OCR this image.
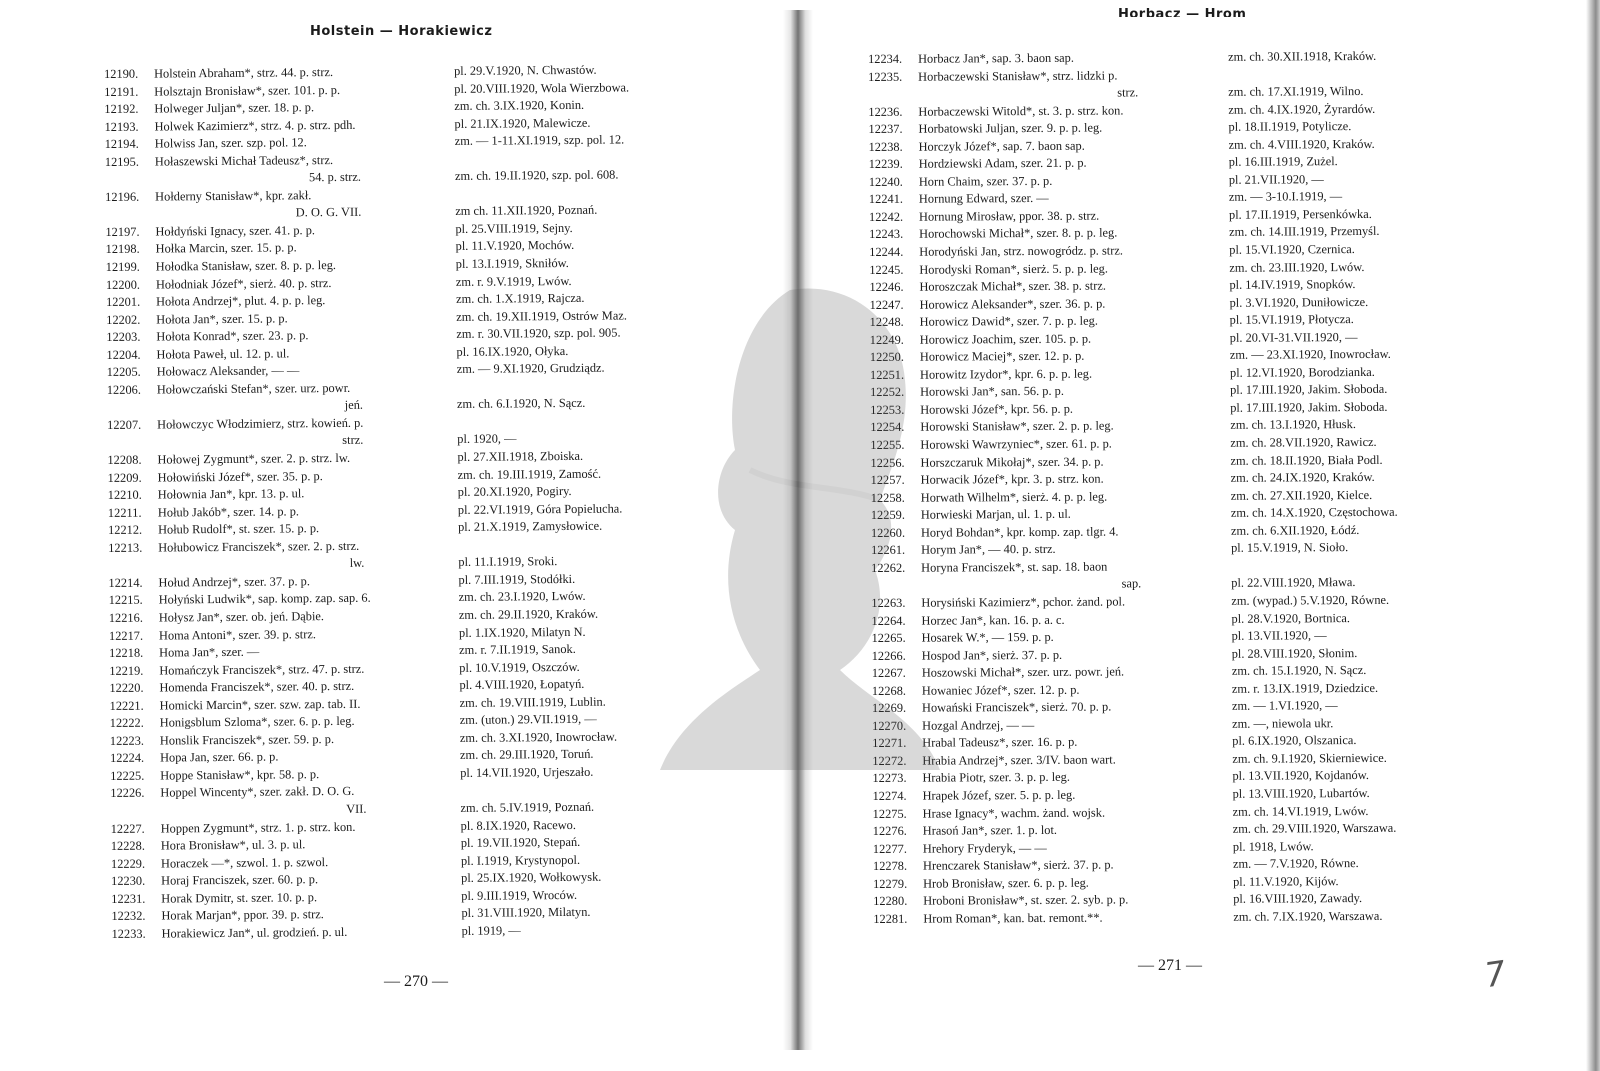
Holstein — Horakiewicz
12190. Holstein Abraham*, strz. 44. p. strz.	pl. 29.V.1920, N. Chwastów.
12191. Holsztajn Bronisław*, szer. 101. p. p.	pl. 20.VIII.1920, Wola Wierzbowa.
12192. Holweger Juljan*, szer. 18. p. p.	zm. ch. 3.IX.1920, Konin.
12193. Holwek Kazimierz*, strz. 4. p. strz. pdh.	pl. 21.IX.1920, Malewicze.
12194. Holwiss Jan, szer. szp. pol. 12.	zm. — 1-11.XI.1919, szp. pol. 12.
12195. Hołaszewski Michał Tadeusz*, strz.
54. p. strz.	zm. ch. 19.II.1920, szp. pol. 608.
12196. Hołderny Stanisław*, kpr. zakł.
D. O. G. VII.	zm ch. 11.XII.1920, Poznań.
12197. Hołdyński Ignacy, szer. 41. p. p.	pl. 25.VIII.1919, Sejny.
12198. Hołka Marcin, szer. 15. p. p.	pl. 11.V.1920, Mochów.
12199. Hołodka Stanisław, szer. 8. p. p. leg.	pl. 13.I.1919, Skniłów.
12200. Hołodniak Józef*, sierż. 40. p. strz.	zm. r. 9.V.1919, Lwów.
12201. Hołota Andrzej*, plut. 4. p. p. leg.	zm. ch. 1.X.1919, Rajcza.
12202. Hołota Jan*, szer. 15. p. p.	zm. ch. 19.XII.1919, Ostrów Maz.
12203. Hołota Konrad*, szer. 23. p. p.	zm. r. 30.VII.1920, szp. pol. 905.
12204. Hołota Paweł, ul. 12. p. ul.	pl. 16.IX.1920, Ołyka.
12205. Hołowacz Aleksander, — —	zm. — 9.XI.1920, Grudziądz.
12206. Hołowczański Stefan*, szer. urz. powr.
jeń.	zm. ch. 6.I.1920, N. Sącz.
12207. Hołowczyc Włodzimierz, strz. kowień. p.
strz.	pl. 1920, —
12208. Hołowej Zygmunt*, szer. 2. p. strz. lw.	pl. 27.XII.1918, Zboiska.
12209. Hołowiński Józef*, szer. 35. p. p.	zm. ch. 19.III.1919, Zamość.
12210. Hołownia Jan*, kpr. 13. p. ul.	pl. 20.XI.1920, Pogiry.
12211. Hołub Jakób*, szer. 14. p. p.	pl. 22.VI.1919, Góra Popielucha.
12212. Hołub Rudolf*, st. szer. 15. p. p.	pl. 21.X.1919, Zamysłowice.
12213. Hołubowicz Franciszek*, szer. 2. p. strz.
lw.	pl. 11.I.1919, Sroki.
12214. Hołud Andrzej*, szer. 37. p. p.	pl. 7.III.1919, Stodółki.
12215. Hołyński Ludwik*, sap. komp. zap. sap. 6.	zm. ch. 23.I.1920, Lwów.
12216. Hołysz Jan*, szer. ob. jeń. Dąbie.	zm. ch. 29.II.1920, Kraków.
12217. Homa Antoni*, szer. 39. p. strz.	pl. 1.IX.1920, Milatyn N.
12218. Homa Jan*, szer. —	zm. r. 7.II.1919, Sanok.
12219. Homańczyk Franciszek*, strz. 47. p. strz.	pl. 10.V.1919, Oszczów.
12220. Homenda Franciszek*, szer. 40. p. strz.	pl. 4.VIII.1920, Łopatyń.
12221. Homicki Marcin*, szer. szw. zap. tab. II.	zm. ch. 19.VIII.1919, Lublin.
12222. Honigsblum Szloma*, szer. 6. p. p. leg.	zm. (uton.) 29.VII.1919, —
12223. Honslik Franciszek*, szer. 59. p. p.	zm. ch. 3.XI.1920, Inowrocław.
12224. Hopa Jan, szer. 66. p. p.	zm. ch. 29.III.1920, Toruń.
12225. Hoppe Stanisław*, kpr. 58. p. p.	pl. 14.VII.1920, Urjeszało.
12226. Hoppel Wincenty*, szer. zakł. D. O. G.
VII.	zm. ch. 5.IV.1919, Poznań.
12227. Hoppen Zygmunt*, strz. 1. p. strz. kon.	pl. 8.IX.1920, Racewo.
12228. Hora Bronisław*, ul. 3. p. ul.	pl. 19.VII.1920, Stepań.
12229. Horaczek —*, szwol. 1. p. szwol.	pl. I.1919, Krystynopol.
12230. Horaj Franciszek, szer. 60. p. p.	pl. 25.IX.1920, Wołkowysk.
12231. Horak Dymitr, st. szer. 10. p. p.	pl. 9.III.1919, Wroców.
12232. Horak Marjan*, ppor. 39. p. strz.	pl. 31.VIII.1920, Milatyn.
12233. Horakiewicz Jan*, ul. grodzień. p. ul.	pl. 1919, —
— 270 —
Horbacz — Hrom
12234. Horbacz Jan*, sap. 3. baon sap.	zm. ch. 30.XII.1918, Kraków.
12235. Horbaczewski Stanisław*, strz. lidzki p.
strz.	zm. ch. 17.XI.1919, Wilno.
12236. Horbaczewski Witold*, st. 3. p. strz. kon.	zm. ch. 4.IX.1920, Żyrardów.
12237. Horbatowski Juljan, szer. 9. p. p. leg.	pl. 18.II.1919, Potylicze.
12238. Horczyk Józef*, sap. 7. baon sap.	zm. ch. 4.VIII.1920, Kraków.
12239. Hordziewski Adam, szer. 21. p. p.	pl. 16.III.1919, Zużel.
12240. Horn Chaim, szer. 37. p. p.	pl. 21.VII.1920, —
12241. Hornung Edward, szer. —	zm. — 3-10.I.1919, —
12242. Hornung Mirosław, ppor. 38. p. strz.	pl. 17.II.1919, Persenkówka.
12243. Horochowski Michał*, szer. 8. p. p. leg.	zm. ch. 14.III.1919, Przemyśl.
12244. Horodyński Jan, strz. nowogródz. p. strz.	pl. 15.VI.1920, Czernica.
12245. Horodyski Roman*, sierż. 5. p. p. leg.	zm. ch. 23.III.1920, Lwów.
12246. Horoszczak Michał*, szer. 38. p. strz.	pl. 14.IV.1919, Snopków.
12247. Horowicz Aleksander*, szer. 36. p. p.	pl. 3.VI.1920, Duniłowicze.
12248. Horowicz Dawid*, szer. 7. p. p. leg.	pl. 15.VI.1919, Płotycza.
12249. Horowicz Joachim, szer. 105. p. p.	pl. 20.VI-31.VII.1920, —
12250. Horowicz Maciej*, szer. 12. p. p.	zm. — 23.XI.1920, Inowrocław.
12251. Horowitz Izydor*, kpr. 6. p. p. leg.	pl. 12.VI.1920, Borodzianka.
12252. Horowski Jan*, san. 56. p. p.	pl. 17.III.1920, Jakim. Słoboda.
12253. Horowski Józef*, kpr. 56. p. p.	pl. 17.III.1920, Jakim. Słoboda.
12254. Horowski Stanisław*, szer. 2. p. p. leg.	zm. ch. 13.I.1920, Hłusk.
12255. Horowski Wawrzyniec*, szer. 61. p. p.	zm. ch. 28.VII.1920, Rawicz.
12256. Horszczaruk Mikołaj*, szer. 34. p. p.	zm. ch. 18.II.1920, Biała Podl.
12257. Horwacik Józef*, kpr. 3. p. strz. kon.	zm. ch. 24.IX.1920, Kraków.
12258. Horwath Wilhelm*, sierż. 4. p. p. leg.	zm. ch. 27.XII.1920, Kielce.
12259. Horwieski Marjan, ul. 1. p. ul.	zm. ch. 14.X.1920, Częstochowa.
12260. Horyd Bohdan*, kpr. komp. zap. tlgr. 4.	zm. ch. 6.XII.1920, Łódź.
12261. Horym Jan*, — 40. p. strz.	pl. 15.V.1919, N. Sioło.
12262. Horyna Franciszek*, st. sap. 18. baon
sap.	pl. 22.VIII.1920, Mława.
12263. Horysiński Kazimierz*, pchor. żand. pol.	zm. (wypad.) 5.V.1920, Równe.
12264. Horzec Jan*, kan. 16. p. a. c.	pl. 28.V.1920, Bortnica.
12265. Hosarek W.*, — 159. p. p.	pl. 13.VII.1920, —
12266. Hospod Jan*, sierż. 37. p. p.	pl. 28.VIII.1920, Słonim.
12267. Hoszowski Michał*, szer. urz. powr. jeń.	zm. ch. 15.I.1920, N. Sącz.
12268. Howaniec Józef*, szer. 12. p. p.	zm. r. 13.IX.1919, Dziedzice.
12269. Howański Franciszek*, sierż. 70. p. p.	zm. — 1.VI.1920, —
12270. Hozgal Andrzej, — —	zm. —, niewola ukr.
12271. Hrabal Tadeusz*, szer. 16. p. p.	pl. 6.IX.1920, Olszanica.
12272. Hrabia Andrzej*, szer. 3/IV. baon wart.	zm. ch. 9.I.1920, Skierniewice.
12273. Hrabia Piotr, szer. 3. p. p. leg.	pl. 13.VII.1920, Kojdanów.
12274. Hrapek Józef, szer. 5. p. p. leg.	pl. 13.VIII.1920, Lubartów.
12275. Hrase Ignacy*, wachm. żand. wojsk.	zm. ch. 14.VI.1919, Lwów.
12276. Hrasoń Jan*, szer. 1. p. lot.	zm. ch. 29.VIII.1920, Warszawa.
12277. Hrehory Fryderyk, — —	pl. 1918, Lwów.
12278. Hrenczarek Stanisław*, sierż. 37. p. p.	zm. — 7.V.1920, Równe.
12279. Hrob Bronisław, szer. 6. p. p. leg.	pl. 11.V.1920, Kijów.
12280. Hroboni Bronisław*, st. szer. 2. syb. p. p.	pl. 16.VIII.1920, Zawady.
12281. Hrom Roman*, kan. bat. remont.**.	zm. ch. 7.IX.1920, Warszawa.
— 271 —	7
